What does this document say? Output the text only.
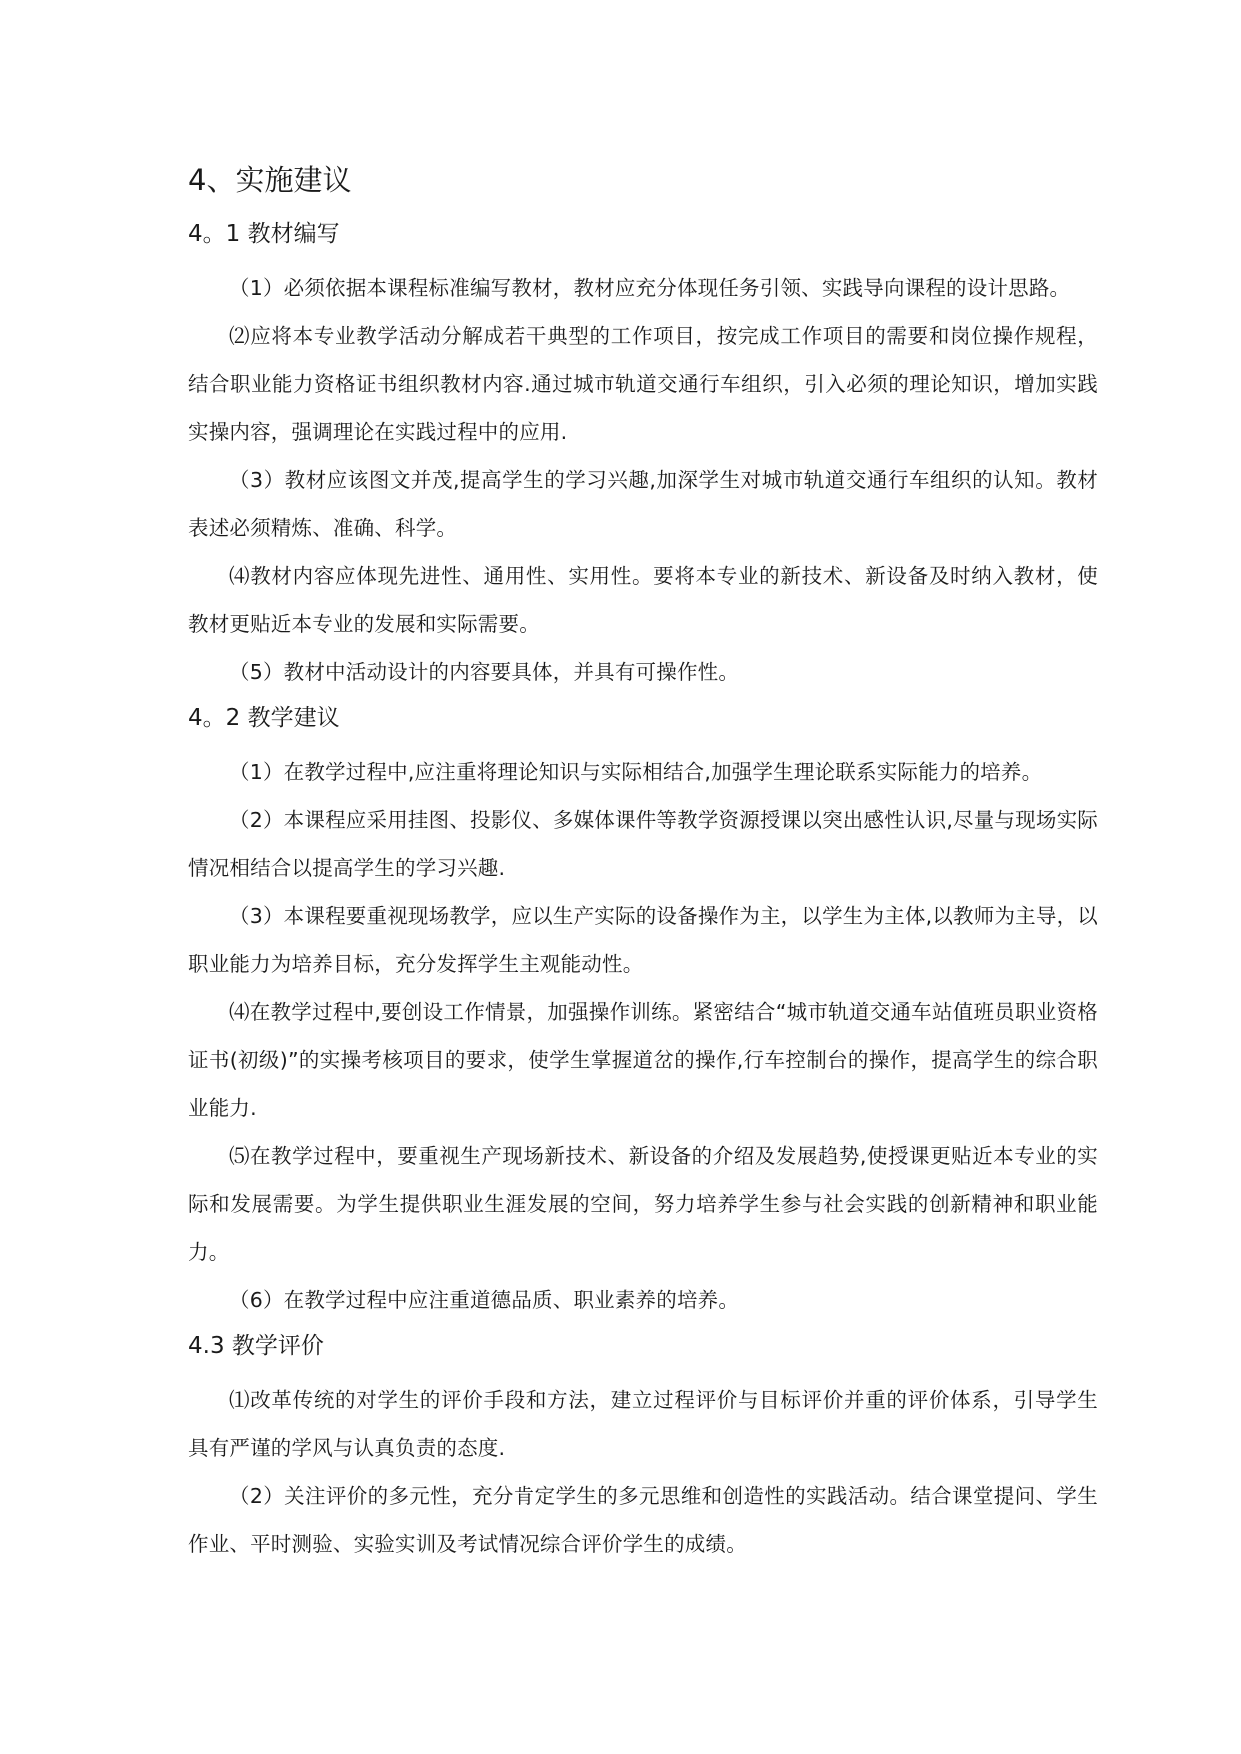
4、实施建议
4。1 教材编写

（1）必须依据本课程标准编写教材，教材应充分体现任务引领、实践导向课程的设计思路。

⑵应将本专业教学活动分解成若干典型的工作项目，按完成工作项目的需要和岗位操作规程，结合职业能力资格证书组织教材内容.通过城市轨道交通行车组织，引入必须的理论知识，增加实践实操内容，强调理论在实践过程中的应用.

（3）教材应该图文并茂,提高学生的学习兴趣,加深学生对城市轨道交通行车组织的认知。教材表述必须精炼、准确、科学。

⑷教材内容应体现先进性、通用性、实用性。要将本专业的新技术、新设备及时纳入教材，使教材更贴近本专业的发展和实际需要。

（5）教材中活动设计的内容要具体，并具有可操作性。

4。2 教学建议

（1）在教学过程中,应注重将理论知识与实际相结合,加强学生理论联系实际能力的培养。

（2）本课程应采用挂图、投影仪、多媒体课件等教学资源授课以突出感性认识,尽量与现场实际情况相结合以提高学生的学习兴趣.

（3）本课程要重视现场教学，应以生产实际的设备操作为主，以学生为主体,以教师为主导，以职业能力为培养目标，充分发挥学生主观能动性。

⑷在教学过程中,要创设工作情景，加强操作训练。紧密结合“城市轨道交通车站值班员职业资格证书(初级)”的实操考核项目的要求，使学生掌握道岔的操作,行车控制台的操作，提高学生的综合职业能力.

⑸在教学过程中，要重视生产现场新技术、新设备的介绍及发展趋势,使授课更贴近本专业的实际和发展需要。为学生提供职业生涯发展的空间，努力培养学生参与社会实践的创新精神和职业能力。

（6）在教学过程中应注重道德品质、职业素养的培养。

4.3 教学评价

⑴改革传统的对学生的评价手段和方法，建立过程评价与目标评价并重的评价体系，引导学生具有严谨的学风与认真负责的态度.

（2）关注评价的多元性，充分肯定学生的多元思维和创造性的实践活动。结合课堂提问、学生作业、平时测验、实验实训及考试情况综合评价学生的成绩。
